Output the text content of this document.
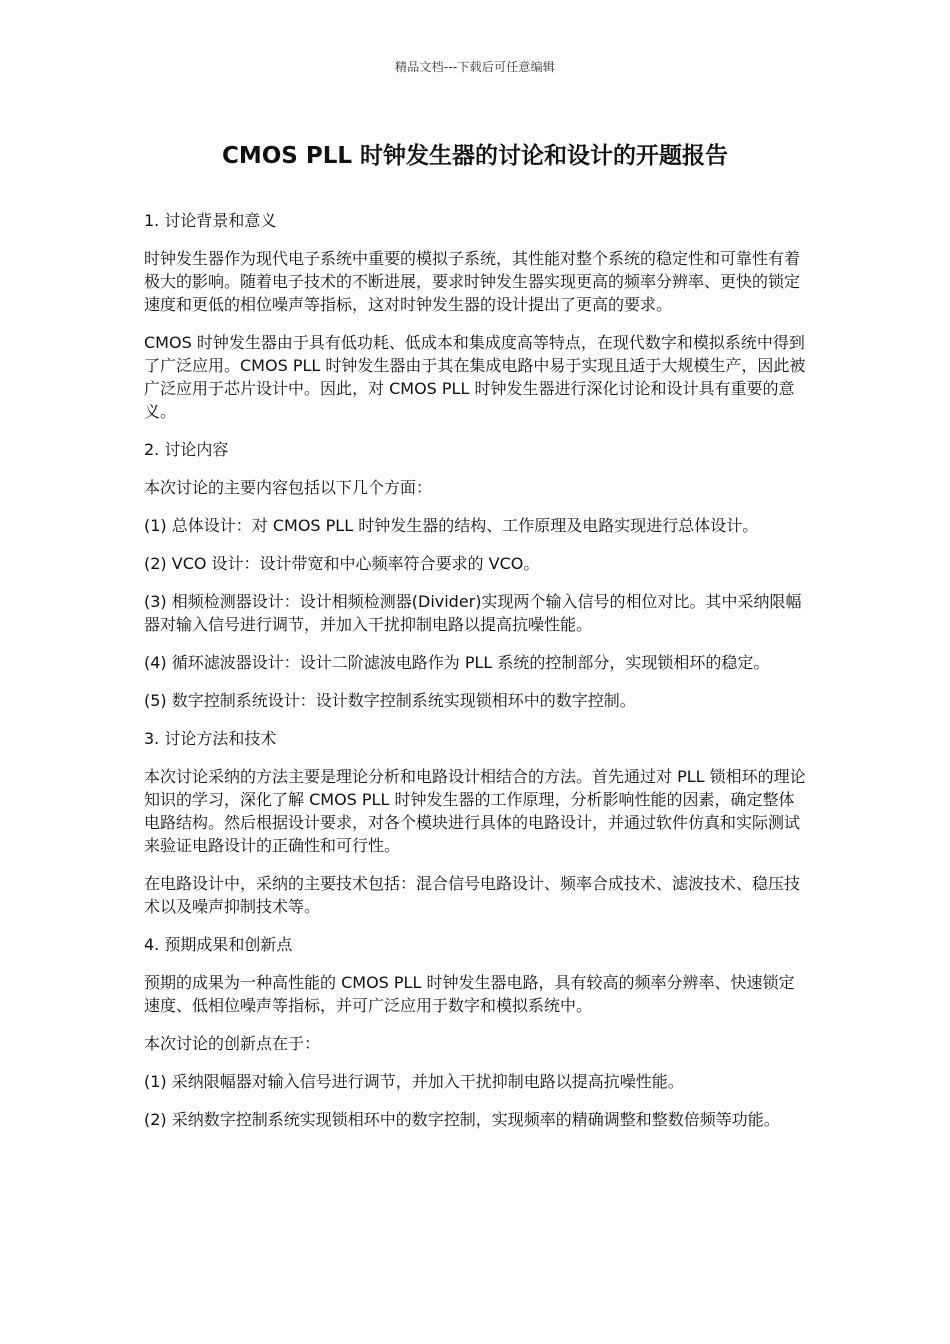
精品文档---下载后可任意编辑
CMOS PLL 时钟发生器的讨论和设计的开题报告

1. 讨论背景和意义

时钟发生器作为现代电子系统中重要的模拟子系统，其性能对整个系统的稳定性和可靠性有着极大的影响。随着电子技术的不断进展，要求时钟发生器实现更高的频率分辨率、更快的锁定速度和更低的相位噪声等指标，这对时钟发生器的设计提出了更高的要求。

CMOS 时钟发生器由于具有低功耗、低成本和集成度高等特点，在现代数字和模拟系统中得到了广泛应用。CMOS PLL 时钟发生器由于其在集成电路中易于实现且适于大规模生产，因此被广泛应用于芯片设计中。因此，对 CMOS PLL 时钟发生器进行深化讨论和设计具有重要的意义。

2. 讨论内容

本次讨论的主要内容包括以下几个方面：

(1) 总体设计：对 CMOS PLL 时钟发生器的结构、工作原理及电路实现进行总体设计。

(2) VCO 设计：设计带宽和中心频率符合要求的 VCO。

(3) 相频检测器设计：设计相频检测器(Divider)实现两个输入信号的相位对比。其中采纳限幅器对输入信号进行调节，并加入干扰抑制电路以提高抗噪性能。

(4) 循环滤波器设计：设计二阶滤波电路作为 PLL 系统的控制部分，实现锁相环的稳定。

(5) 数字控制系统设计：设计数字控制系统实现锁相环中的数字控制。

3. 讨论方法和技术

本次讨论采纳的方法主要是理论分析和电路设计相结合的方法。首先通过对 PLL 锁相环的理论知识的学习，深化了解 CMOS PLL 时钟发生器的工作原理，分析影响性能的因素，确定整体电路结构。然后根据设计要求，对各个模块进行具体的电路设计，并通过软件仿真和实际测试来验证电路设计的正确性和可行性。

在电路设计中，采纳的主要技术包括：混合信号电路设计、频率合成技术、滤波技术、稳压技术以及噪声抑制技术等。

4. 预期成果和创新点

预期的成果为一种高性能的 CMOS PLL 时钟发生器电路，具有较高的频率分辨率、快速锁定速度、低相位噪声等指标，并可广泛应用于数字和模拟系统中。

本次讨论的创新点在于：

(1) 采纳限幅器对输入信号进行调节，并加入干扰抑制电路以提高抗噪性能。

(2) 采纳数字控制系统实现锁相环中的数字控制，实现频率的精确调整和整数倍频等功能。
